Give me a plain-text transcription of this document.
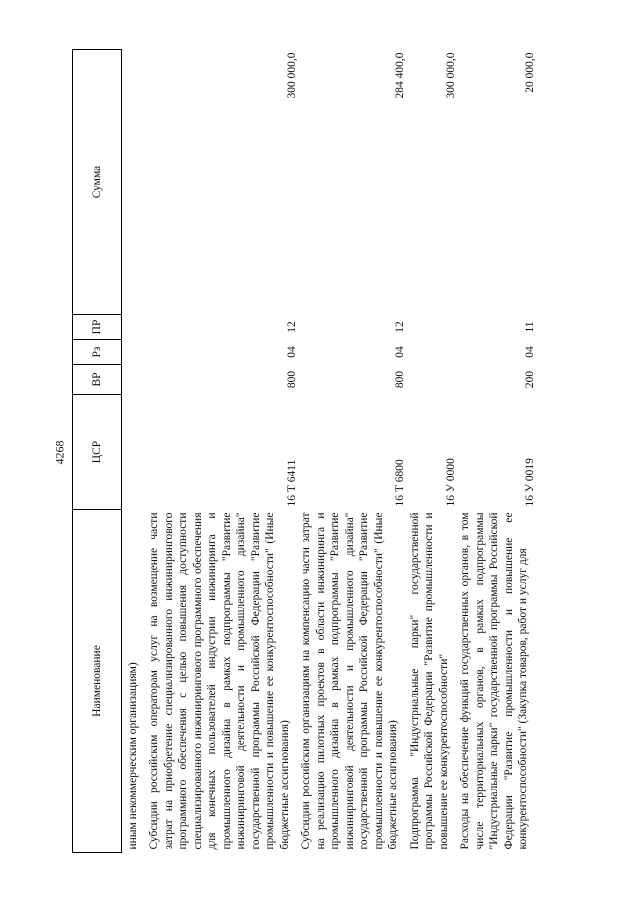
4268
Наименование	ЦСР	ВР	Рз	ПР	Сумма
иным некоммерческим организациям)					
Субсидии российским операторам услуг на возмещение части затрат на приобретение специализированного инжинирингового программного обеспечения с целью повышения доступности специализированного инжинирингового программного обеспечения для конечных пользователей индустрии инжиниринга и промышленного дизайна в рамках подпрограммы "Развитие инжиниринговой деятельности и промышленного дизайна" государственной программы Российской Федерации "Развитие промышленности и повышение ее конкурентоспособности" (Иные бюджетные ассигнования)	16 Т 6411	800	04	12	300 000,0
Субсидии российским организациям на компенсацию части затрат на реализацию пилотных проектов в области инжиниринга и промышленного дизайна в рамках подпрограммы "Развитие инжиниринговой деятельности и промышленного дизайна" государственной программы Российской Федерации "Развитие промышленности и повышение ее конкурентоспособности" (Иные бюджетные ассигнования)	16 Т 6800	800	04	12	284 400,0
Подпрограмма "Индустриальные парки" государственной программы Российской Федерации "Развитие промышленности и повышение ее конкурентоспособности"	16 У 0000				300 000,0
Расходы на обеспечение функций государственных органов, в том числе территориальных органов, в рамках подпрограммы "Индустриальные парки" государственной программы Российской Федерации "Развитие промышленности и повышение ее конкурентоспособности" (Закупка товаров, работ и услуг для	16 У 0019	200	04	11	20 000,0
